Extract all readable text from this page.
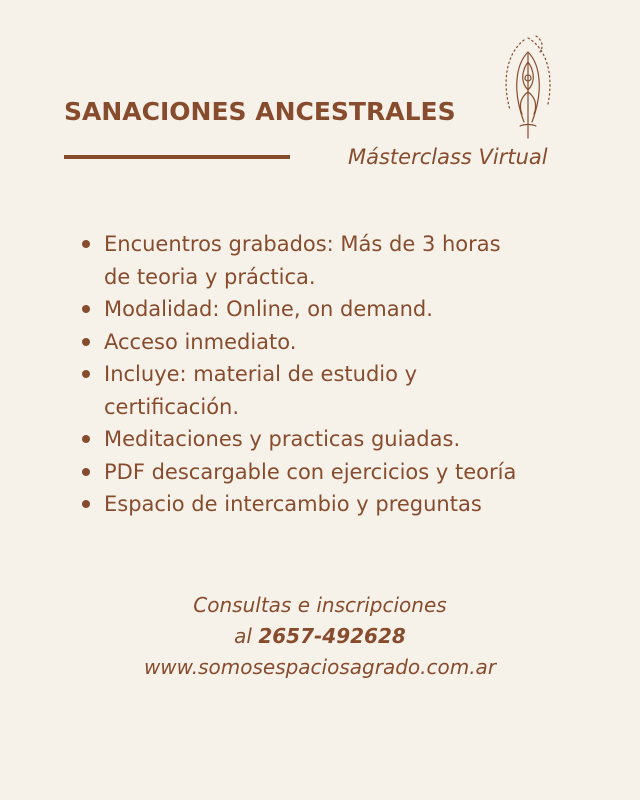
SANACIONES ANCESTRALES
Másterclass Virtual
Encuentros grabados: Más de 3 horas
de teoria y práctica.
Modalidad: Online, on demand.
Acceso inmediato.
Incluye: material de estudio y
certificación.
Meditaciones y practicas guiadas.
PDF descargable con ejercicios y teoría
Espacio de intercambio y preguntas
Consultas e inscripciones
al 2657-492628
www.somosespaciosagrado.com.ar
